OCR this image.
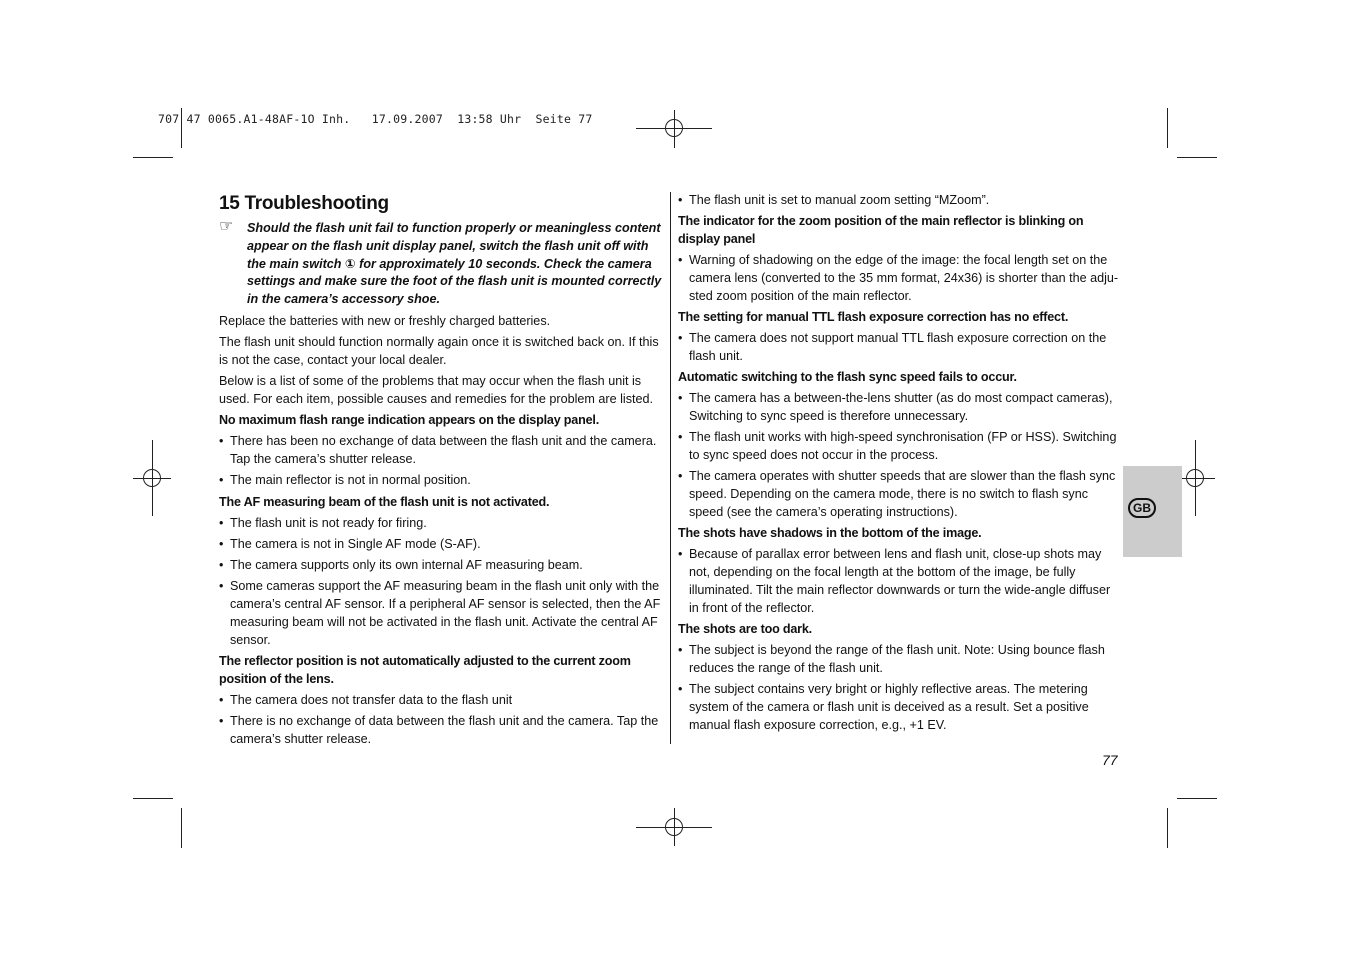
707 47 0065.A1-48AF-1O Inh.   17.09.2007  13:58 Uhr  Seite 77
GB
15 Troubleshooting
☞ Should the flash unit fail to function properly or meaningless content appear on the flash unit display panel, switch the flash unit off with the main switch ① for approximately 10 seconds. Check the camera settings and make sure the foot of the flash unit is mounted correctly in the camera’s accessory shoe.

Replace the batteries with new or freshly charged batteries.

The flash unit should function normally again once it is switched back on. If this is not the case, contact your local dealer.

Below is a list of some of the problems that may occur when the flash unit is used. For each item, possible causes and remedies for the problem are listed.

No maximum flash range indication appears on the display panel.
• There has been no exchange of data between the flash unit and the camera. Tap the camera’s shutter release.
• The main reflector is not in normal position.
The AF measuring beam of the flash unit is not activated.
• The flash unit is not ready for firing.
• The camera is not in Single AF mode (S-AF).
• The camera supports only its own internal AF measuring beam.
• Some cameras support the AF measuring beam in the flash unit only with the camera’s central AF sensor. If a peripheral AF sensor is selected, then the AF measuring beam will not be activated in the flash unit. Activate the central AF sensor.
The reflector position is not automatically adjusted to the current zoom position of the lens.
• The camera does not transfer data to the flash unit
• There is no exchange of data between the flash unit and the camera. Tap the camera’s shutter release.
• The flash unit is set to manual zoom setting “MZoom”.
The indicator for the zoom position of the main reflector is blinking on display panel
• Warning of shadowing on the edge of the image: the focal length set on the camera lens (converted to the 35 mm format, 24x36) is shorter than the adju-sted zoom position of the main reflector.
The setting for manual TTL flash exposure correction has no effect.
• The camera does not support manual TTL flash exposure correction on the flash unit.
Automatic switching to the flash sync speed fails to occur.
• The camera has a between-the-lens shutter (as do most compact cameras), Switching to sync speed is therefore unnecessary.
• The flash unit works with high-speed synchronisation (FP or HSS). Switching to sync speed does not occur in the process.
• The camera operates with shutter speeds that are slower than the flash sync speed. Depending on the camera mode, there is no switch to flash sync speed (see the camera’s operating instructions).
The shots have shadows in the bottom of the image.
• Because of parallax error between lens and flash unit, close-up shots may not, depending on the focal length at the bottom of the image, be fully illuminated. Tilt the main reflector downwards or turn the wide-angle diffuser in front of the reflector.
The shots are too dark.
• The subject is beyond the range of the flash unit. Note: Using bounce flash reduces the range of the flash unit.
• The subject contains very bright or highly reflective areas. The metering system of the camera or flash unit is deceived as a result. Set a positive manual flash exposure correction, e.g., +1 EV.
77
